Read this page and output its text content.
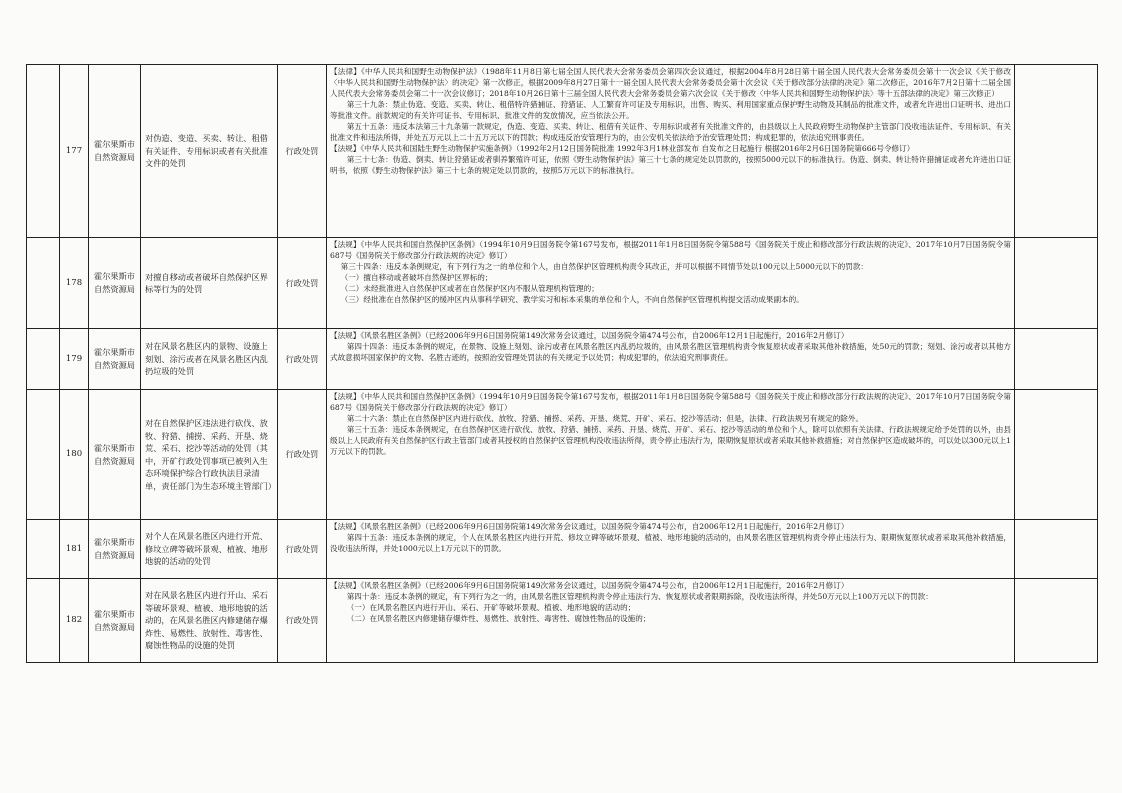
	177	霍尔果斯市自然资源局	对伪造、变造、买卖、转让、租借有关证件、专用标识或者有关批准文件的处罚	行政处罚	【法律】《中华人民共和国野生动物保护法》（1988年11月8日第七届全国人民代表大会常务委员会第四次会议通过，根据2004年8月28日第十届全国人民代表大会常务委员会第十一次会议《关于修改〈中华人民共和国野生动物保护法〉的决定》第一次修正，根据2009年8月27日第十一届全国人民代表大会常务委员会第十次会议《关于修改部分法律的决定》第二次修正，2016年7月2日第十二届全国人民代表大会常务委员会第二十一次会议修订；2018年10月26日第十三届全国人民代表大会常务委员会第六次会议《关于修改〈中华人民共和国野生动物保护法〉等十五部法律的决定》第三次修正）

第三十九条：禁止伪造、变造、买卖、转让、租借特许猎捕证、狩猎证、人工繁育许可证及专用标识，出售、购买、利用国家重点保护野生动物及其制品的批准文件，或者允许进出口证明书、进出口等批准文件。前款规定的有关许可证书、专用标识、批准文件的发放情况，应当依法公开。

第五十五条：违反本法第三十九条第一款规定，伪造、变造、买卖、转让、租借有关证件、专用标识或者有关批准文件的，由县级以上人民政府野生动物保护主管部门没收违法证件、专用标识、有关批准文件和违法所得，并处五万元以上二十五万元以下的罚款；构成违反治安管理行为的，由公安机关依法给予治安管理处罚；构成犯罪的，依法追究刑事责任。

【法规】《中华人民共和国陆生野生动物保护实施条例》（1992年2月12日国务院批准 1992年3月1林业部发布 自发布之日起施行 根据2016年2月6日国务院第666号令修订）

第三十七条：伪造、倒卖、转让狩猎证或者驯养繁殖许可证，依照《野生动物保护法》第三十七条的规定处以罚款的，按照5000元以下的标准执行。伪造、倒卖、转让特许猎捕证或者允许进出口证明书，依照《野生动物保护法》第三十七条的规定处以罚款的，按照5万元以下的标准执行。	

	178	霍尔果斯市自然资源局	对擅自移动或者破坏自然保护区界标等行为的处罚	行政处罚	【法规】《中华人民共和国自然保护区条例》（1994年10月9日国务院令第167号发布，根据2011年1月8日国务院令第588号《国务院关于废止和修改部分行政法规的决定》、2017年10月7日国务院令第687号《国务院关于修改部分行政法规的决定》修订）

第三十四条：违反本条例规定，有下列行为之一的单位和个人，由自然保护区管理机构责令其改正，并可以根据不同情节处以100元以上5000元以下的罚款：

（一）擅自移动或者破坏自然保护区界标的；

（二）未经批准进入自然保护区或者在自然保护区内不服从管理机构管理的；

（三）经批准在自然保护区的缓冲区内从事科学研究、教学实习和标本采集的单位和个人，不向自然保护区管理机构提交活动成果副本的。	

	179	霍尔果斯市自然资源局	对在风景名胜区内的景物、设施上刻划、涂污或者在风景名胜区内乱扔垃圾的处罚	行政处罚	【法规】《风景名胜区条例》（已经2006年9月6日国务院第149次常务会议通过，以国务院令第474号公布，自2006年12月1日起施行，2016年2月修订）

第四十四条：违反本条例的规定，在景物、设施上刻划、涂污或者在风景名胜区内乱扔垃圾的，由风景名胜区管理机构责令恢复原状或者采取其他补救措施，处50元的罚款；刻划、涂污或者以其他方式故意损坏国家保护的文物、名胜古迹的，按照治安管理处罚法的有关规定予以处罚；构成犯罪的，依法追究刑事责任。	

	180	霍尔果斯市自然资源局	对在自然保护区违法进行砍伐、放牧、狩猎、捕捞、采药、开垦、烧荒、采石、挖沙等活动的处罚（其中，开矿行政处罚事项已被列入生态环境保护综合行政执法目录清单，责任部门为生态环境主管部门）	行政处罚	【法规】《中华人民共和国自然保护区条例》（1994年10月9日国务院令第167号发布，根据2011年1月8日国务院令第588号《国务院关于废止和修改部分行政法规的决定》、2017年10月7日国务院令第687号《国务院关于修改部分行政法规的决定》修订）

第二十六条：禁止在自然保护区内进行砍伐、放牧、狩猎、捕捞、采药、开垦、烧荒、开矿、采石、挖沙等活动；但是，法律、行政法规另有规定的除外。

第三十五条：违反本条例规定，在自然保护区进行砍伐、放牧、狩猎、捕捞、采药、开垦、烧荒、开矿、采石、挖沙等活动的单位和个人，除可以依照有关法律、行政法规规定给予处罚的以外，由县级以上人民政府有关自然保护区行政主管部门或者其授权的自然保护区管理机构没收违法所得，责令停止违法行为，限期恢复原状或者采取其他补救措施；对自然保护区造成破坏的，可以处以300元以上1万元以下的罚款。	

	181	霍尔果斯市自然资源局	对个人在风景名胜区内进行开荒、修坟立碑等破坏景观、植被、地形地貌的活动的处罚	行政处罚	【法规】《风景名胜区条例》（已经2006年9月6日国务院第149次常务会议通过，以国务院令第474号公布，自2006年12月1日起施行，2016年2月修订）

第四十五条：违反本条例的规定，个人在风景名胜区内进行开荒、修坟立碑等破坏景观、植被、地形地貌的活动的，由风景名胜区管理机构责令停止违法行为、限期恢复原状或者采取其他补救措施，没收违法所得，并处1000元以上1万元以下的罚款。	

	182	霍尔果斯市自然资源局	对在风景名胜区内进行开山、采石等破坏景观、植被、地形地貌的活动的，在风景名胜区内修建储存爆炸性、易燃性、放射性、毒害性、腐蚀性物品的设施的处罚	行政处罚	【法规】《风景名胜区条例》（已经2006年9月6日国务院第149次常务会议通过，以国务院令第474号公布，自2006年12月1日起施行，2016年2月修订）

第四十条：违反本条例的规定，有下列行为之一的，由风景名胜区管理机构责令停止违法行为、恢复原状或者限期拆除，没收违法所得，并处50万元以上100万元以下的罚款：

（一）在风景名胜区内进行开山、采石、开矿等破坏景观、植被、地形地貌的活动的；

（二）在风景名胜区内修建储存爆炸性、易燃性、放射性、毒害性、腐蚀性物品的设施的；	
